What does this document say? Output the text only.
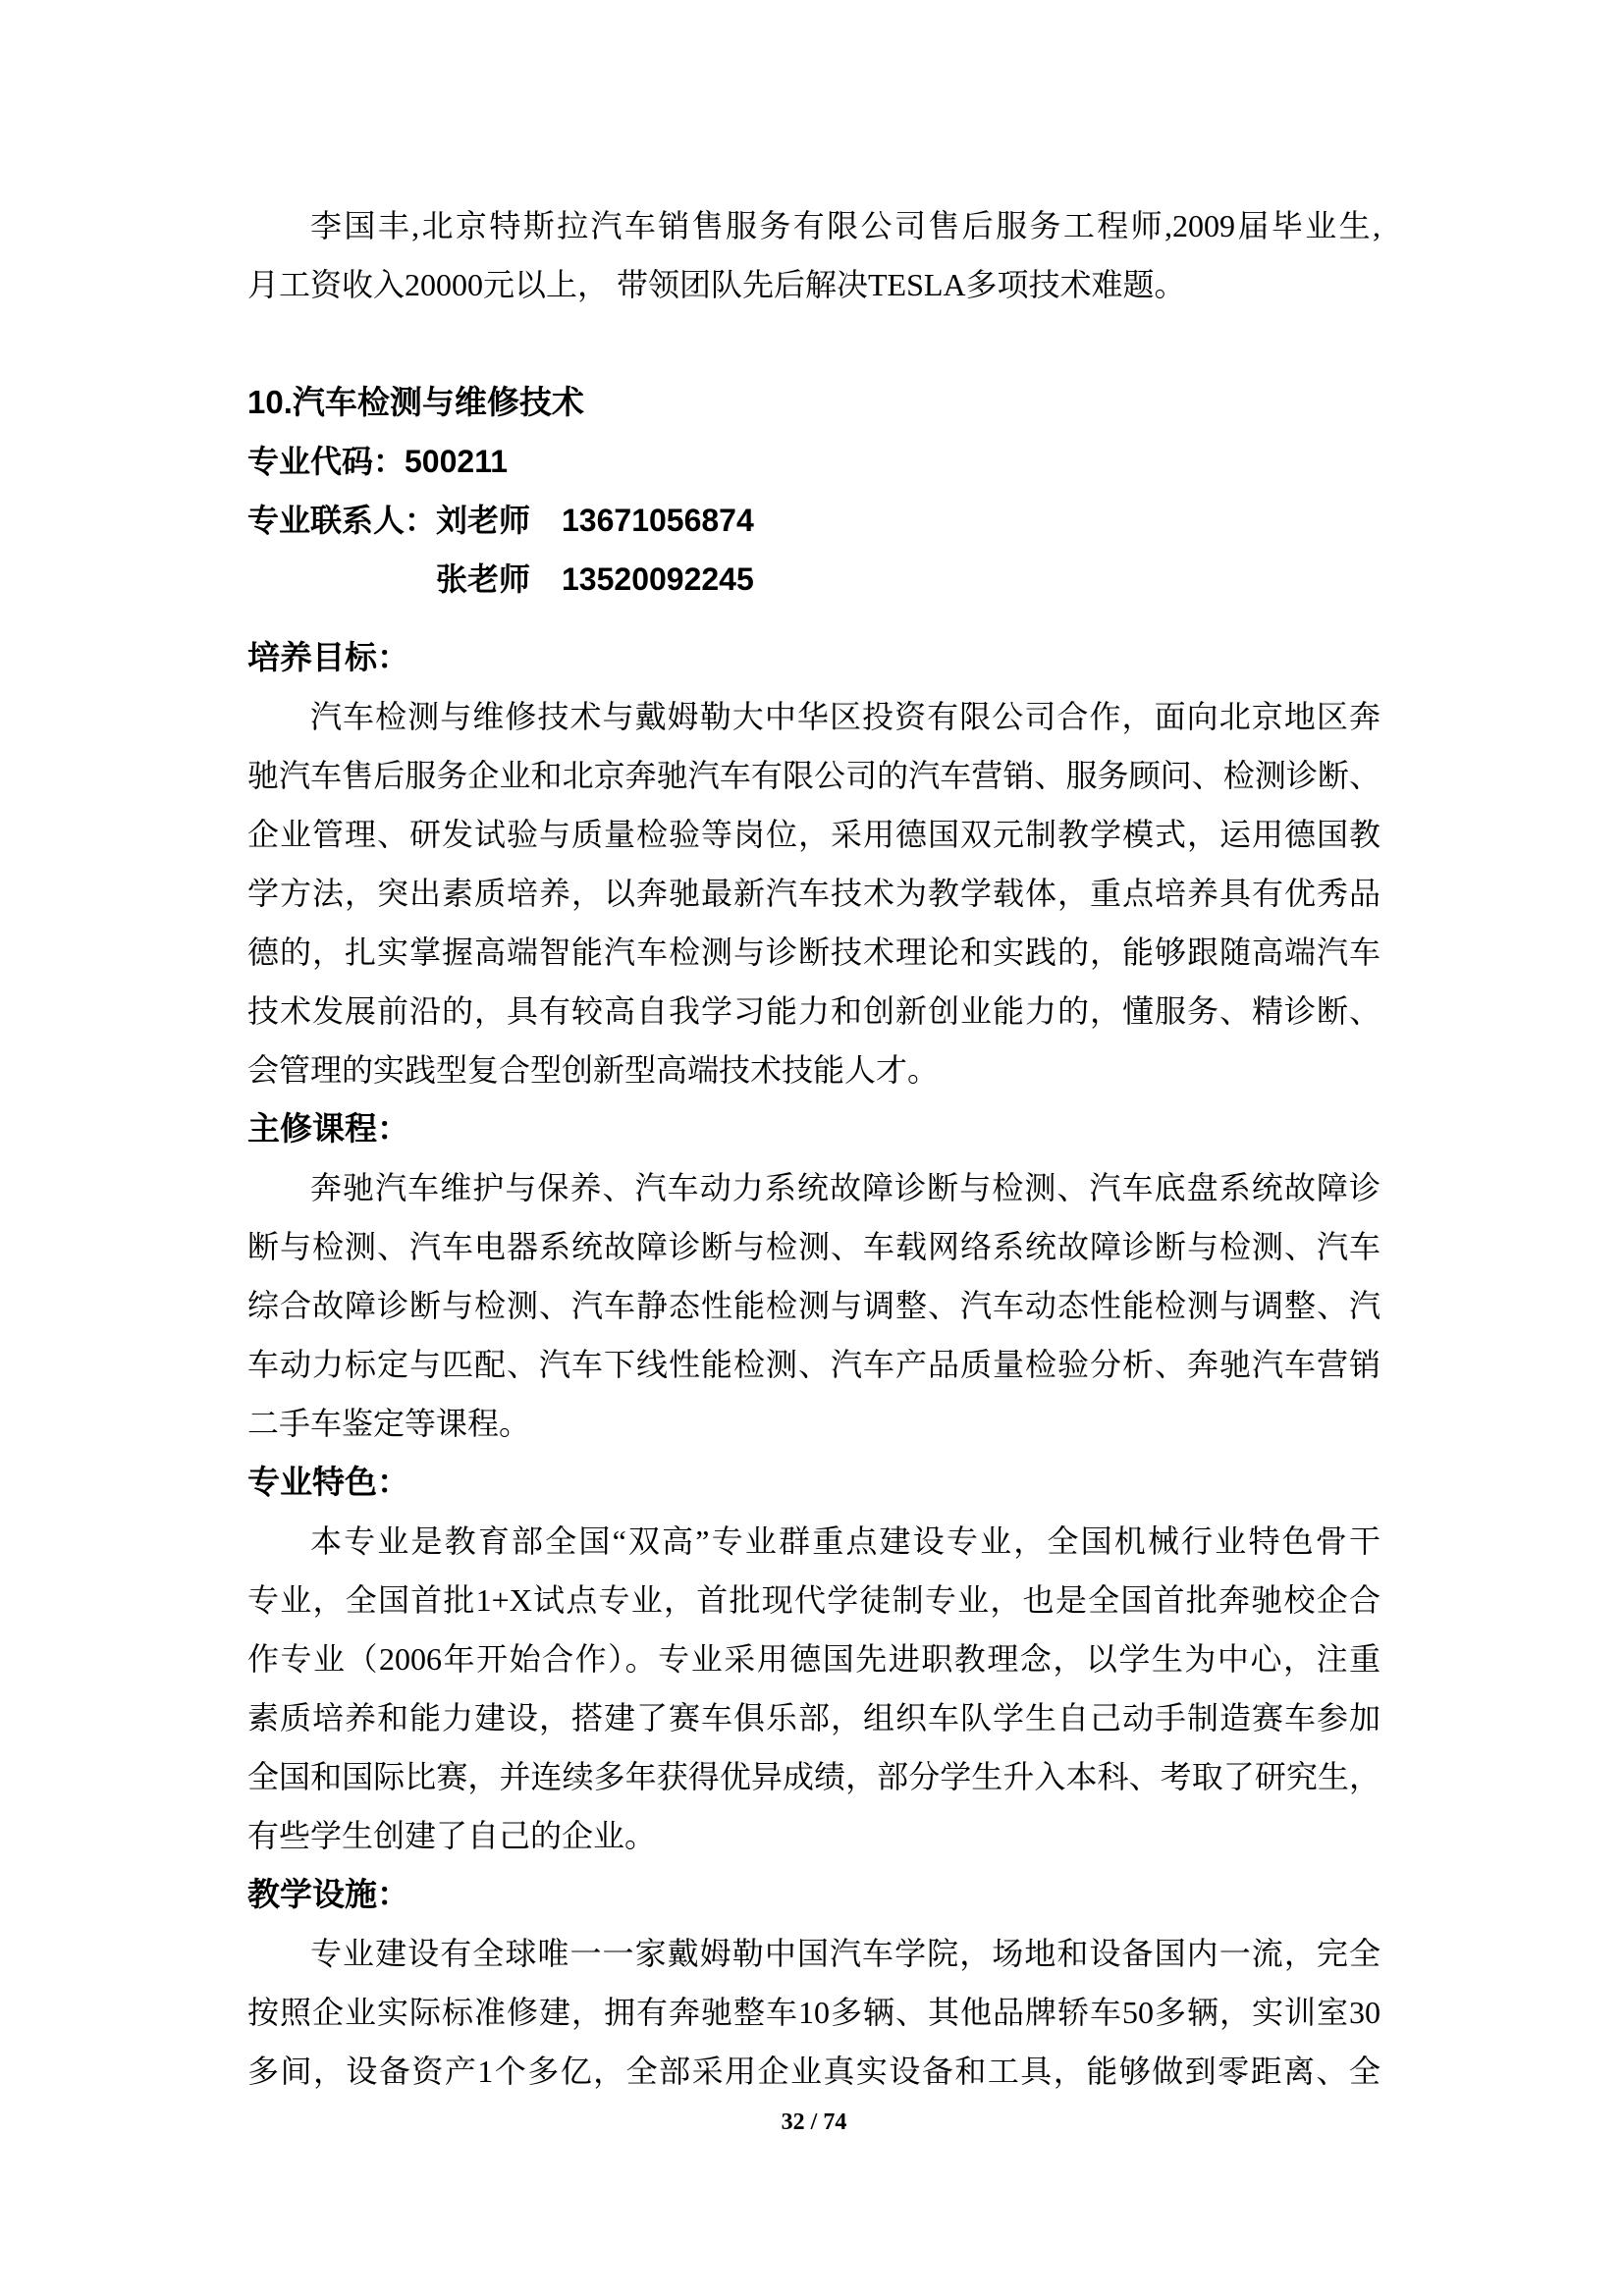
李国丰,北京特斯拉汽车销售服务有限公司售后服务工程师,2009届毕业生,
月工资收入20000元以上， 带领团队先后解决TESLA多项技术难题。
10.汽车检测与维修技术
专业代码：500211
专业联系人：刘老师　13671056874
张老师　13520092245
培养目标：
汽车检测与维修技术与戴姆勒大中华区投资有限公司合作，面向北京地区奔
驰汽车售后服务企业和北京奔驰汽车有限公司的汽车营销、服务顾问、检测诊断、
企业管理、研发试验与质量检验等岗位，采用德国双元制教学模式，运用德国教
学方法，突出素质培养，以奔驰最新汽车技术为教学载体，重点培养具有优秀品
德的，扎实掌握高端智能汽车检测与诊断技术理论和实践的，能够跟随高端汽车
技术发展前沿的，具有较高自我学习能力和创新创业能力的，懂服务、精诊断、
会管理的实践型复合型创新型高端技术技能人才。
主修课程：
奔驰汽车维护与保养、汽车动力系统故障诊断与检测、汽车底盘系统故障诊
断与检测、汽车电器系统故障诊断与检测、车载网络系统故障诊断与检测、汽车
综合故障诊断与检测、汽车静态性能检测与调整、汽车动态性能检测与调整、汽
车动力标定与匹配、汽车下线性能检测、汽车产品质量检验分析、奔驰汽车营销
二手车鉴定等课程。
专业特色：
本专业是教育部全国“双高”专业群重点建设专业，全国机械行业特色骨干
专业，全国首批1+X试点专业，首批现代学徒制专业，也是全国首批奔驰校企合
作专业（2006年开始合作）。专业采用德国先进职教理念，以学生为中心，注重
素质培养和能力建设，搭建了赛车俱乐部，组织车队学生自己动手制造赛车参加
全国和国际比赛，并连续多年获得优异成绩，部分学生升入本科、考取了研究生，
有些学生创建了自己的企业。
教学设施：
专业建设有全球唯一一家戴姆勒中国汽车学院，场地和设备国内一流，完全
按照企业实际标准修建，拥有奔驰整车10多辆、其他品牌轿车50多辆，实训室30
多间，设备资产1个多亿，全部采用企业真实设备和工具，能够做到零距离、全
32 / 74
